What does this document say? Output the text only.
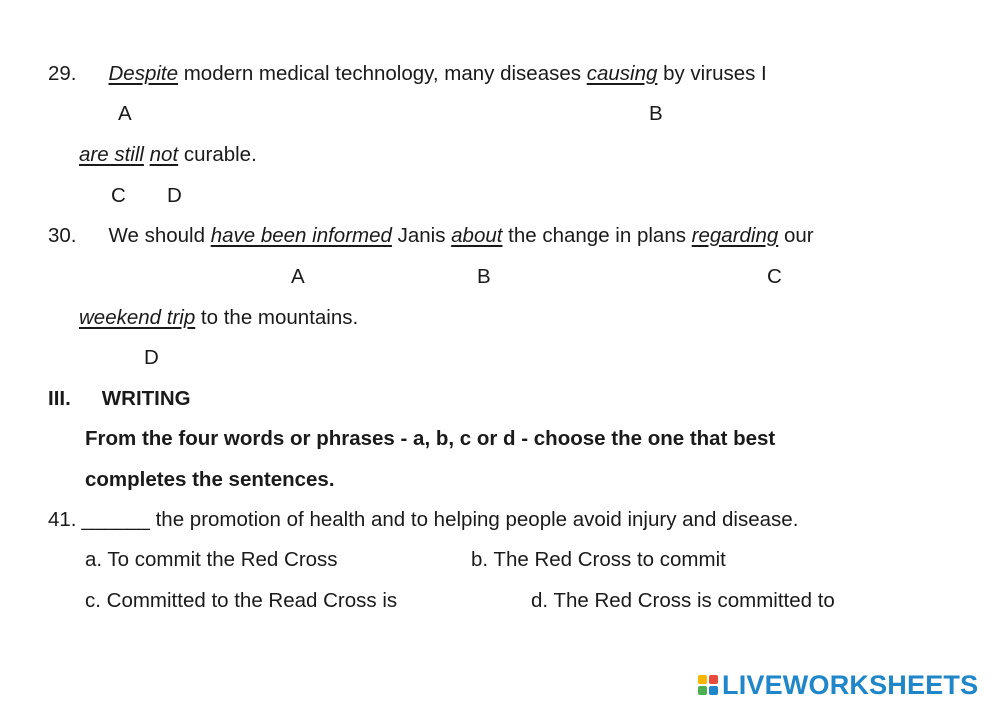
29. Despite modern medical technology, many diseases causing by viruses I
A	B
are still not curable.
C D
30. We should have been informed Janis about the change in plans regarding our
A	B	C
weekend trip to the mountains.
D
III. WRITING
From the four words or phrases - a, b, c or d - choose the one that best
completes the sentences.
41. ______ the promotion of health and to helping people avoid injury and disease.
a. To commit the Red Cross	b. The Red Cross to commit
c. Committed to the Read Cross is	d. The Red Cross is committed to
LIVEWORKSHEETS
